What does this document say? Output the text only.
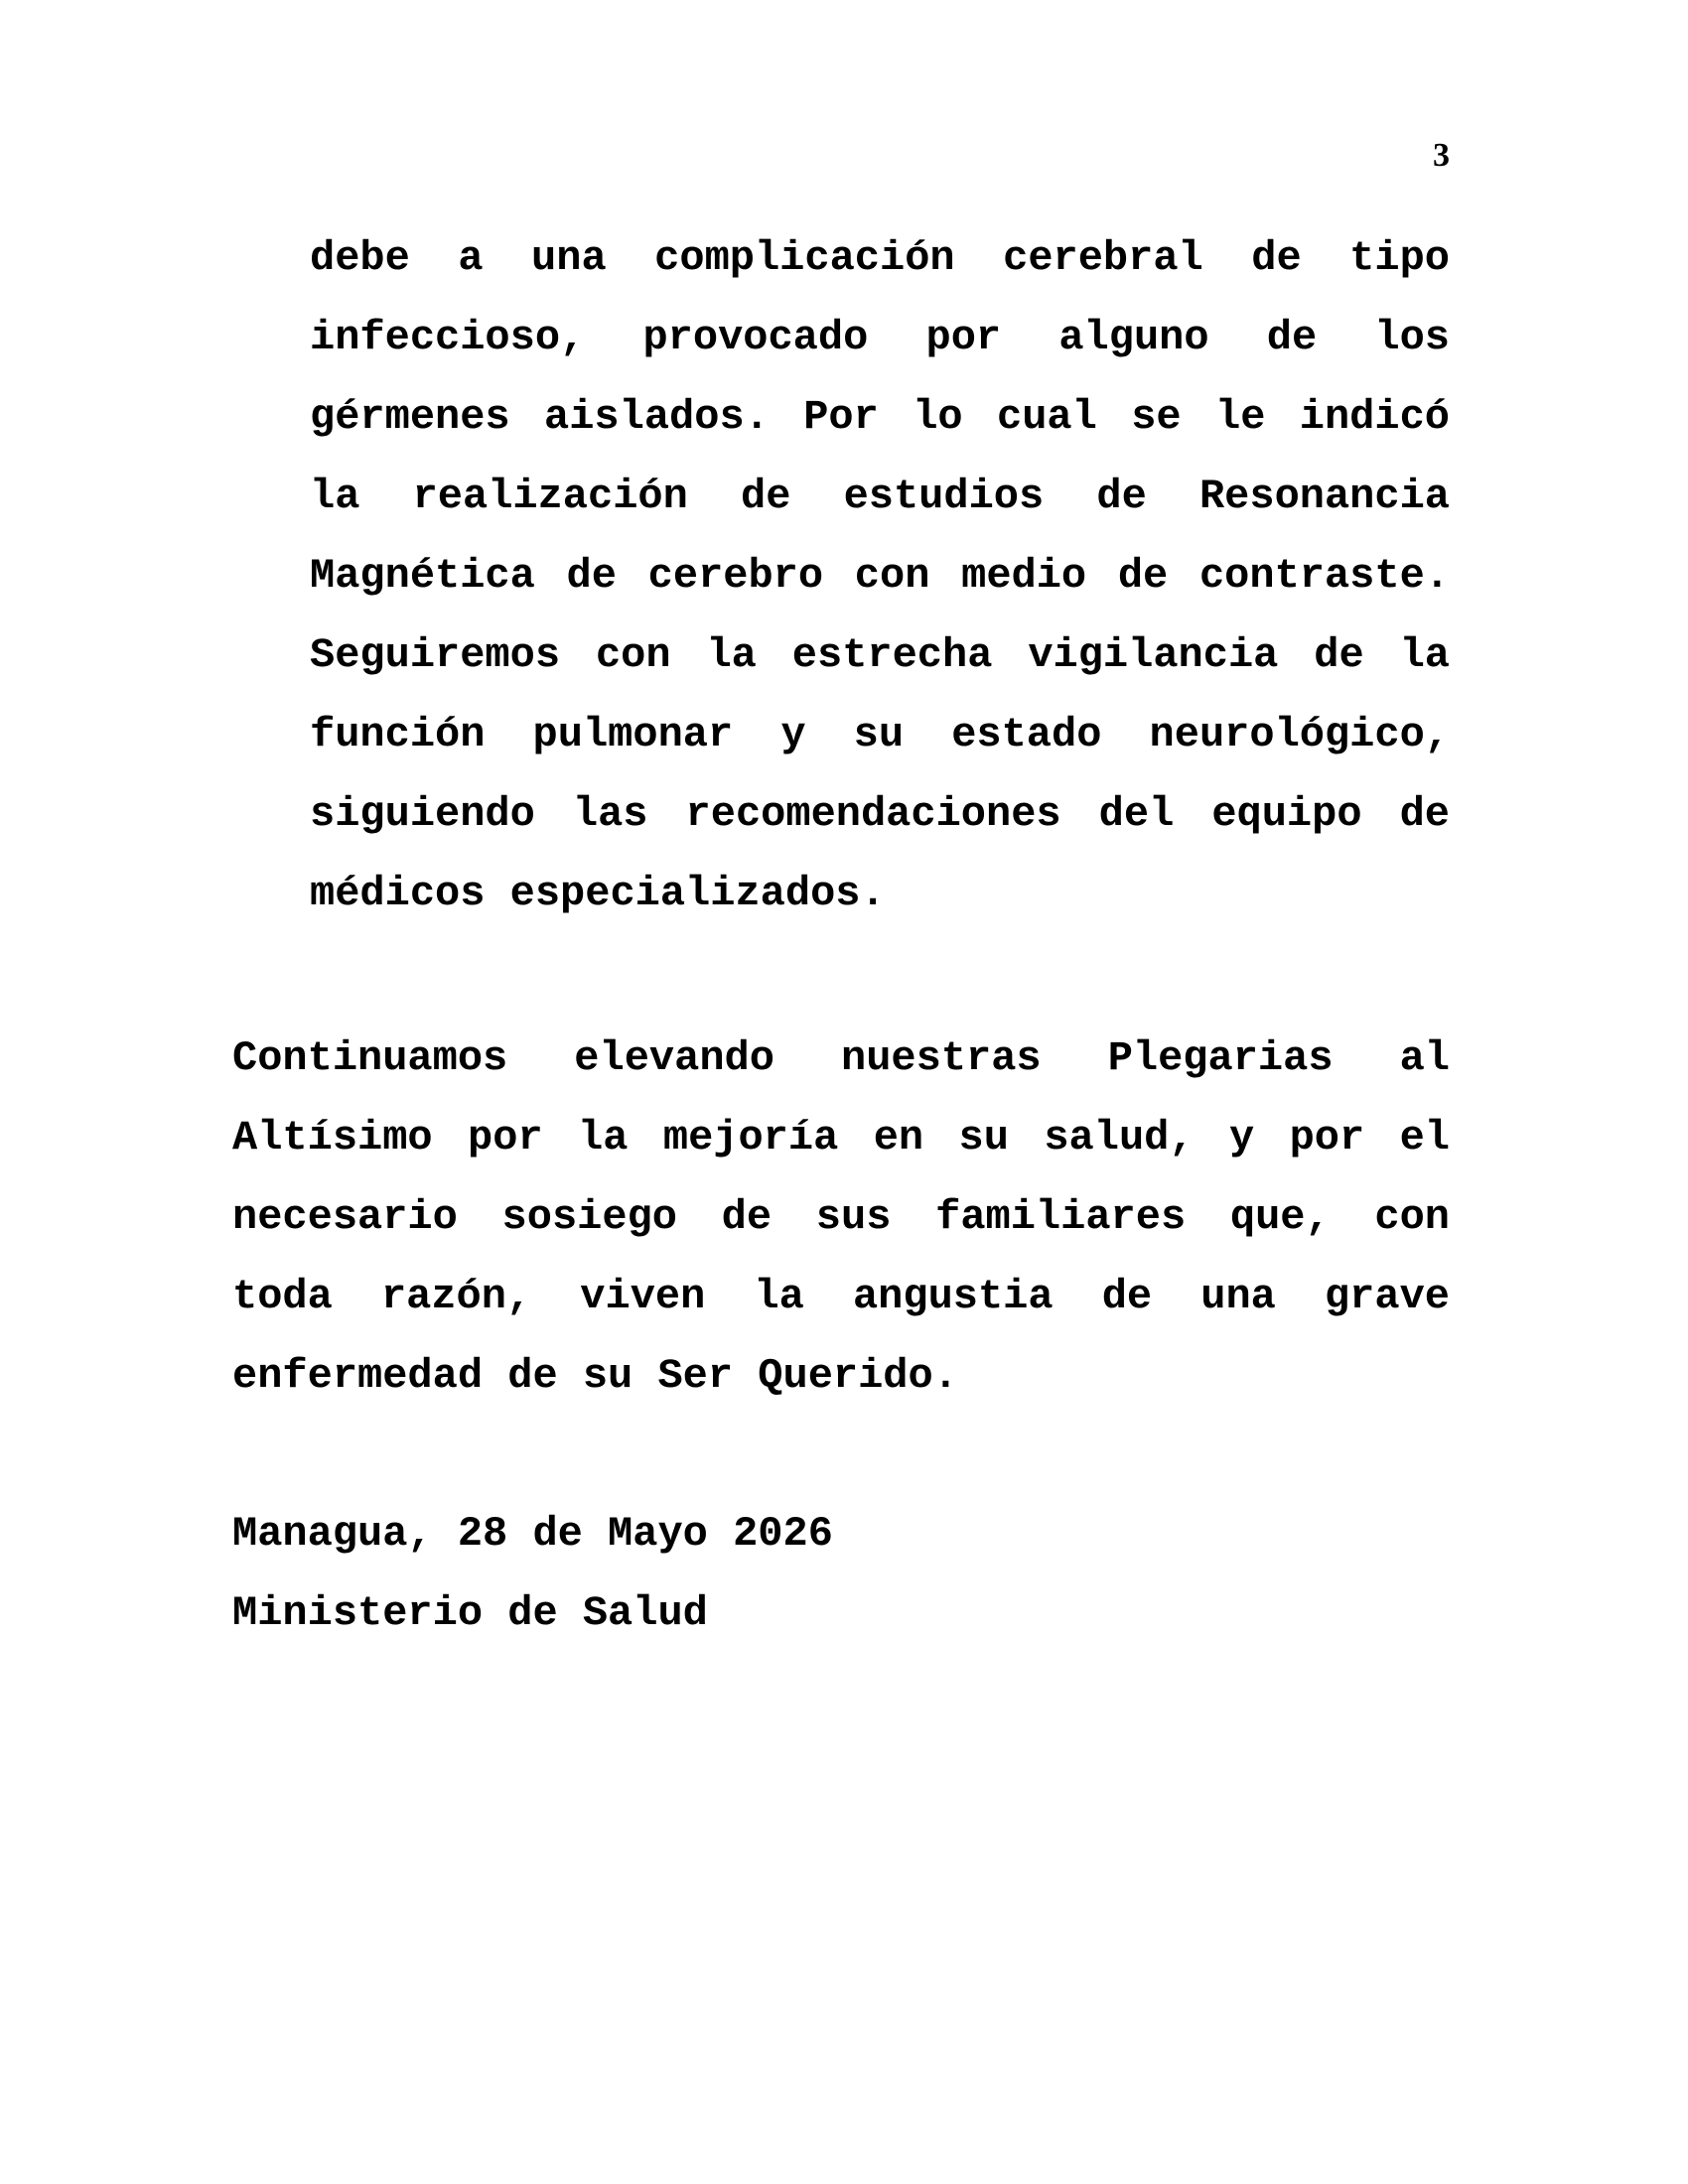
3

debe a una complicación cerebral de tipo infeccioso, provocado por alguno de los gérmenes aislados. Por lo cual se le indicó la realización de estudios de Resonancia Magnética de cerebro con medio de contraste. Seguiremos con la estrecha vigilancia de la función pulmonar y su estado neurológico, siguiendo las recomendaciones del equipo de médicos especializados.

Continuamos elevando nuestras Plegarias al Altísimo por la mejoría en su salud, y por el necesario sosiego de sus familiares que, con toda razón, viven la angustia de una grave enfermedad de su Ser Querido.

Managua, 28 de Mayo 2026
Ministerio de Salud
